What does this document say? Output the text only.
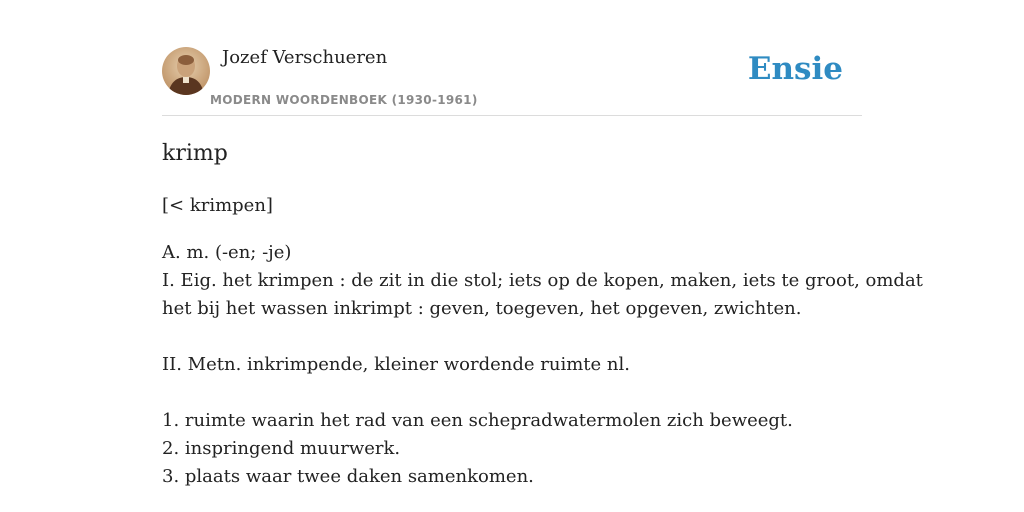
Jozef Verschueren
MODERN WOORDENBOEK (1930-1961)
Ensie
krimp
[< krimpen]
A. m. (-en; -je)
I. Eig. het krimpen : de zit in die stol; iets op de kopen, maken, iets te groot, omdat
het bij het wassen inkrimpt : geven, toegeven, het opgeven, zwichten.
II. Metn. inkrimpende, kleiner wordende ruimte nl.
1. ruimte waarin het rad van een schepradwatermolen zich beweegt.
2. inspringend muurwerk.
3. plaats waar twee daken samenkomen.
